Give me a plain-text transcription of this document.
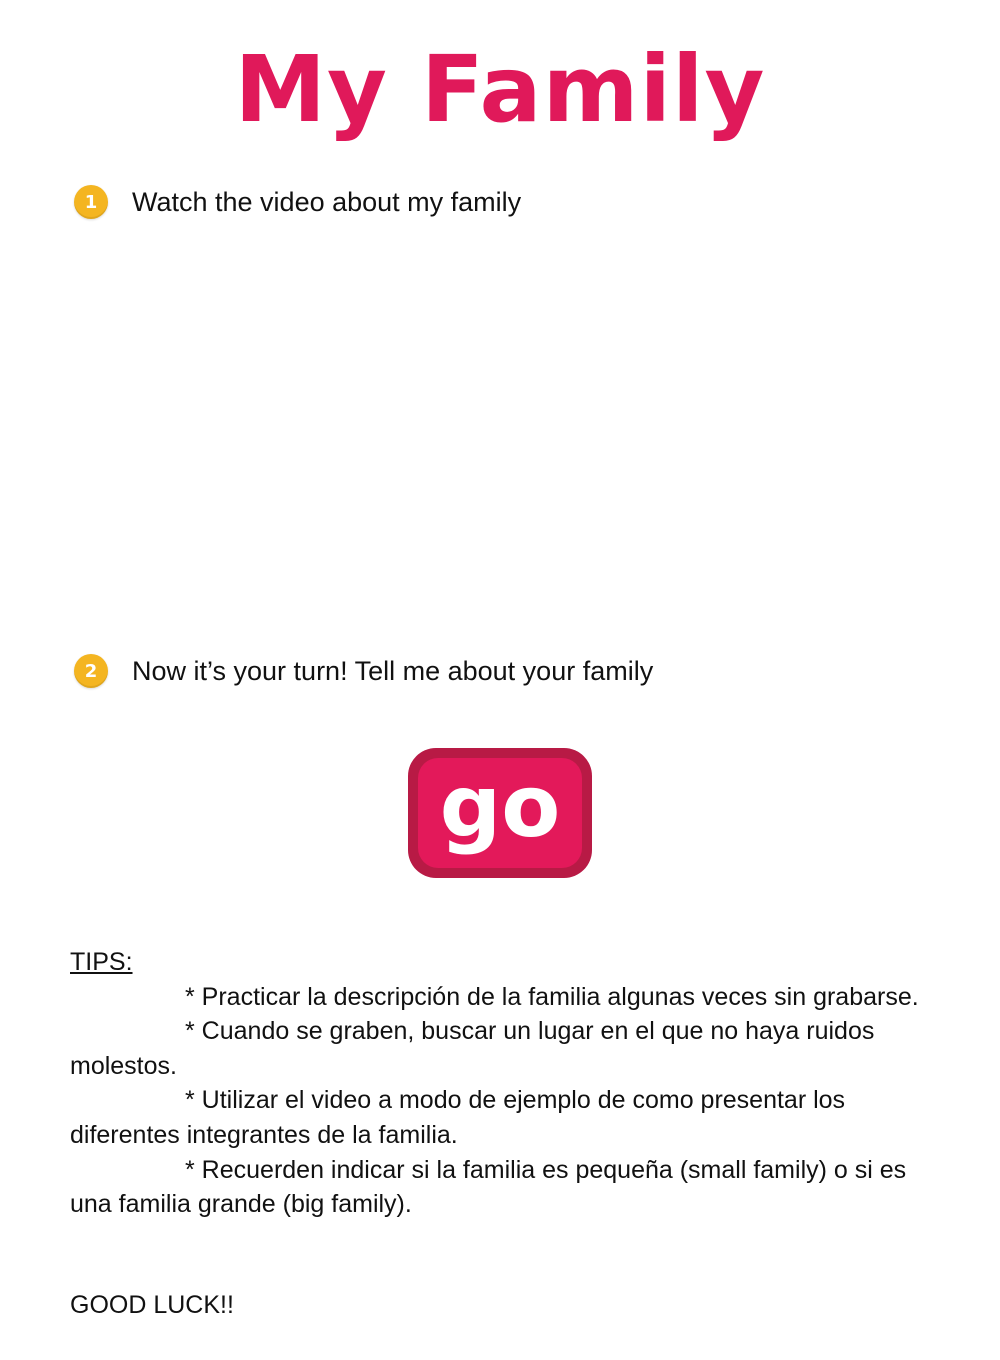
My Family
1	Watch the video about my family
2	Now it’s your turn! Tell me about your family
go
TIPS:

* Practicar la descripción de la familia algunas veces sin grabarse.

* Cuando se graben, buscar un lugar en el que no haya ruidos molestos.

* Utilizar el video a modo de ejemplo de como presentar los diferentes integrantes de la familia.

* Recuerden indicar si la familia es pequeña (small family) o si es una familia grande (big family).

GOOD LUCK!!
